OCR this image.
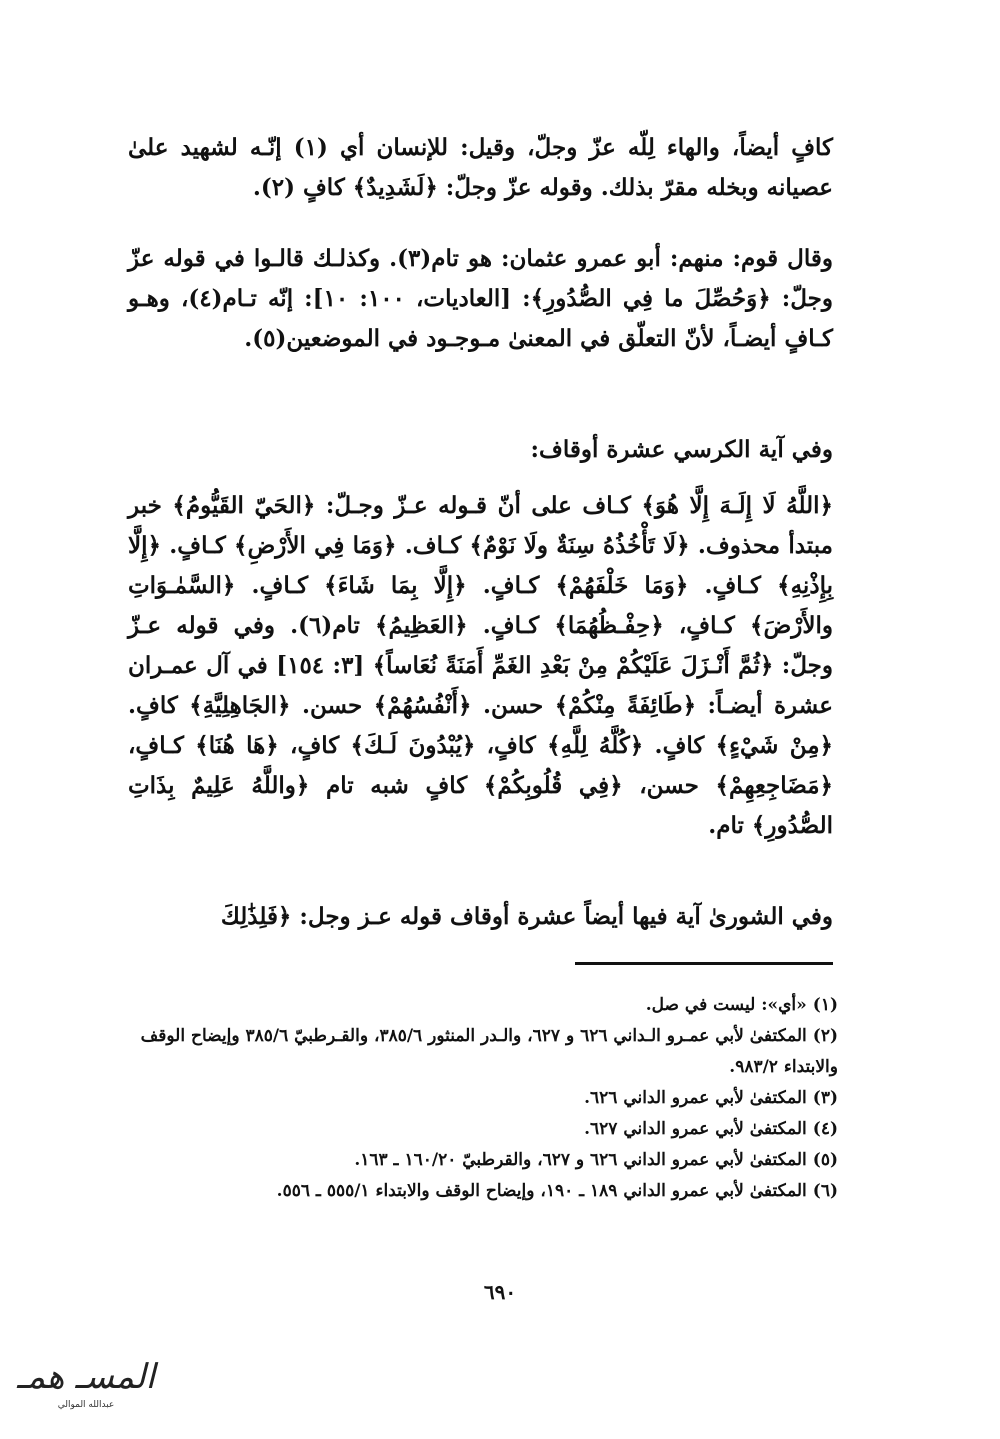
كافٍ أيضاً، والهاء لِلّه عزّ وجلّ، وقيل: للإنسان أي (١) إنّـه لشهيد علىٰ عصيانه وبخله مقرّ بذلك. وقوله عزّ وجلّ: ﴿لَشَدِيدٌ﴾ كافٍ (٢).

وقال قوم: منهم: أبو عمرو عثمان: هو تام(٣). وكذلـك قالـوا في قوله عزّ وجلّ: ﴿وَحُصِّلَ ما فِي الصُّدُورِ﴾: [العاديات، ١٠٠: ١٠]: إنّه تـام(٤)، وهـو كـافٍ أيضـاً، لأنّ التعلّق في المعنىٰ مـوجـود في الموضعين(٥).

وفي آية الكرسي عشرة أوقاف:

﴿اللَّهُ لَا إِلَـهَ إِلَّا هُوَ﴾ كـاف على أنّ قـوله عـزّ وجـلّ: ﴿الحَيّ القَيُّومُ﴾ خبر مبتدأ محذوف. ﴿لَا تَأْخُذُهُ سِنَةٌ ولَا نَوْمٌ﴾ كـاف. ﴿وَمَا فِي الأَرْضِ﴾ كـافٍ. ﴿إِلَّا بِإِذْنِهِ﴾ كـافٍ. ﴿وَمَا خَلْفَهُمْ﴾ كـافٍ. ﴿إِلَّا بِمَا شَاءَ﴾ كـافٍ. ﴿السَّمٰـوَاتِ والأَرْضَ﴾ كـافٍ، ﴿حِفْـظُهُمَا﴾ كـافٍ. ﴿العَظِيمُ﴾ تام(٦). وفي قوله عـزّ وجلّ: ﴿ثُمَّ أَنْـزَلَ عَلَيْكُمْ مِنْ بَعْدِ الغَمِّ أَمَنَةً نُعَاساً﴾ [٣: ١٥٤] في آل عمـران عشرة أيضـاً: ﴿طَائِفَةً مِنْكُمْ﴾ حسن. ﴿أَنْفُسُهُمْ﴾ حسن. ﴿الجَاهِلِيَّةِ﴾ كافٍ. ﴿مِنْ شَيْءٍ﴾ كافٍ. ﴿كُلَّهُ لِلَّهِ﴾ كافٍ، ﴿يُبْدُونَ لَـكَ﴾ كافٍ، ﴿هَا هُنَا﴾ كـافٍ، ﴿مَضَاجِعِهِمْ﴾ حسن، ﴿فِي قُلُوبِكُمْ﴾ كافٍ شبه تام ﴿واللَّهُ عَلِيمٌ بِذَاتِ الصُّدُورِ﴾ تام.

وفي الشورىٰ آية فيها أيضاً عشرة أوقاف قوله عـز وجل: ﴿فَلِذَٰلِكَ

(١)«أي»: ليست في صل.
(٢)المكتفىٰ لأبي عمـرو الـداني ٦٢٦ و ٦٢٧، والـدر المنثور ٣٨٥/٦، والقـرطبيّ ٣٨٥/٦ وإيضاح الوقف والابتداء ٩٨٣/٢.
(٣)المكتفىٰ لأبي عمرو الداني ٦٢٦.
(٤)المكتفىٰ لأبي عمرو الداني ٦٢٧.
(٥)المكتفىٰ لأبي عمرو الداني ٦٢٦ و ٦٢٧، والقرطبيّ ١٦٠/٢٠ ـ ١٦٣.
(٦)المكتفىٰ لأبي عمرو الداني ١٨٩ ـ ١٩٠، وإيضاح الوقف والابتداء ٥٥٥/١ ـ ٥٥٦.
٦٩٠
المسـ همـ
عبدالله الموالي
